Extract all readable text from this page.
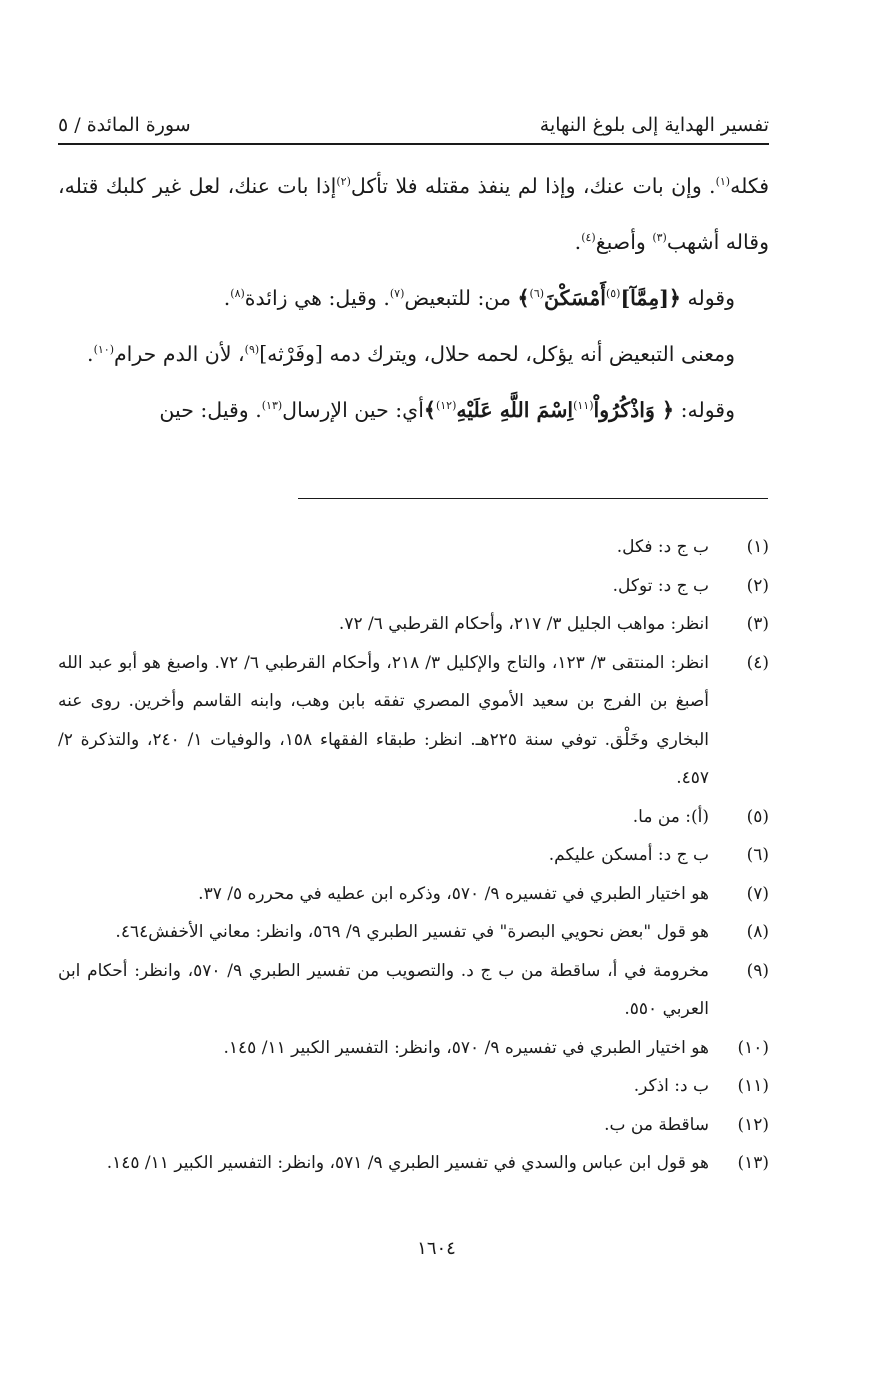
تفسير الهداية إلى بلوغ النهاية
سورة المائدة / ٥

فكله$^{(١)}$. وإن بات عنك، وإذا لم ينفذ مقتله فلا تأكل$^{(٢)}$إذا بات عنك، لعل غير كلبك قتله، وقاله أشهب$^{(٣)}$ وأصبغ$^{(٤)}$.

وقوله ﴿[مِمَّآ]$^{(٥)}$أَمْسَكْنَ$^{(٦)}$﴾ من: للتبعيض$^{(٧)}$. وقيل: هي زائدة$^{(٨)}$.

ومعنى التبعيض أنه يؤكل، لحمه حلال، ويترك دمه [وفَرْثه]$^{(٩)}$، لأن الدم حرام$^{(١٠)}$.

وقوله: ﴿ وَاذْكُرُواْ$^{(١١)}$اِسْمَ اللَّهِ عَلَيْهِ$^{(١٢)}$﴾أي: حين الإرسال$^{(١٣)}$. وقيل: حين

(١)
ب ج د: فكل.
(٢)
ب ج د: توكل.
(٣)
انظر: مواهب الجليل ٣/ ٢١٧، وأحكام القرطبي ٦/ ٧٢.
(٤)
انظر: المنتقى ٣/ ١٢٣، والتاج والإكليل ٣/ ٢١٨، وأحكام القرطبي ٦/ ٧٢. واصبغ هو أبو عبد الله أصبغ بن الفرج بن سعيد الأموي المصري تفقه بابن وهب، وابنه القاسم وأخرين. روى عنه البخاري وخَلْق. توفي سنة ٢٢٥هـ. انظر: طبقاء الفقهاء ١٥٨، والوفيات ١/ ٢٤٠، والتذكرة ٢/ ٤٥٧.
(٥)
(أ): من ما.
(٦)
ب ج د: أمسكن عليكم.
(٧)
هو اختيار الطبري في تفسيره ٩/ ٥٧٠، وذكره ابن عطيه في محرره ٥/ ٣٧.
(٨)
هو قول "بعض نحويي البصرة" في تفسير الطبري ٩/ ٥٦٩، وانظر: معاني الأخفش٤٦٤.
(٩)
مخرومة في أ، ساقطة من ب ج د. والتصويب من تفسير الطبري ٩/ ٥٧٠، وانظر: أحكام ابن العربي ٥٥٠.
(١٠)
هو اختيار الطبري في تفسيره ٩/ ٥٧٠، وانظر: التفسير الكبير ١١/ ١٤٥.
(١١)
ب د: اذكر.
(١٢)
ساقطة من ب.
(١٣)
هو قول ابن عباس والسدي في تفسير الطبري ٩/ ٥٧١، وانظر: التفسير الكبير ١١/ ١٤٥.
١٦٠٤
